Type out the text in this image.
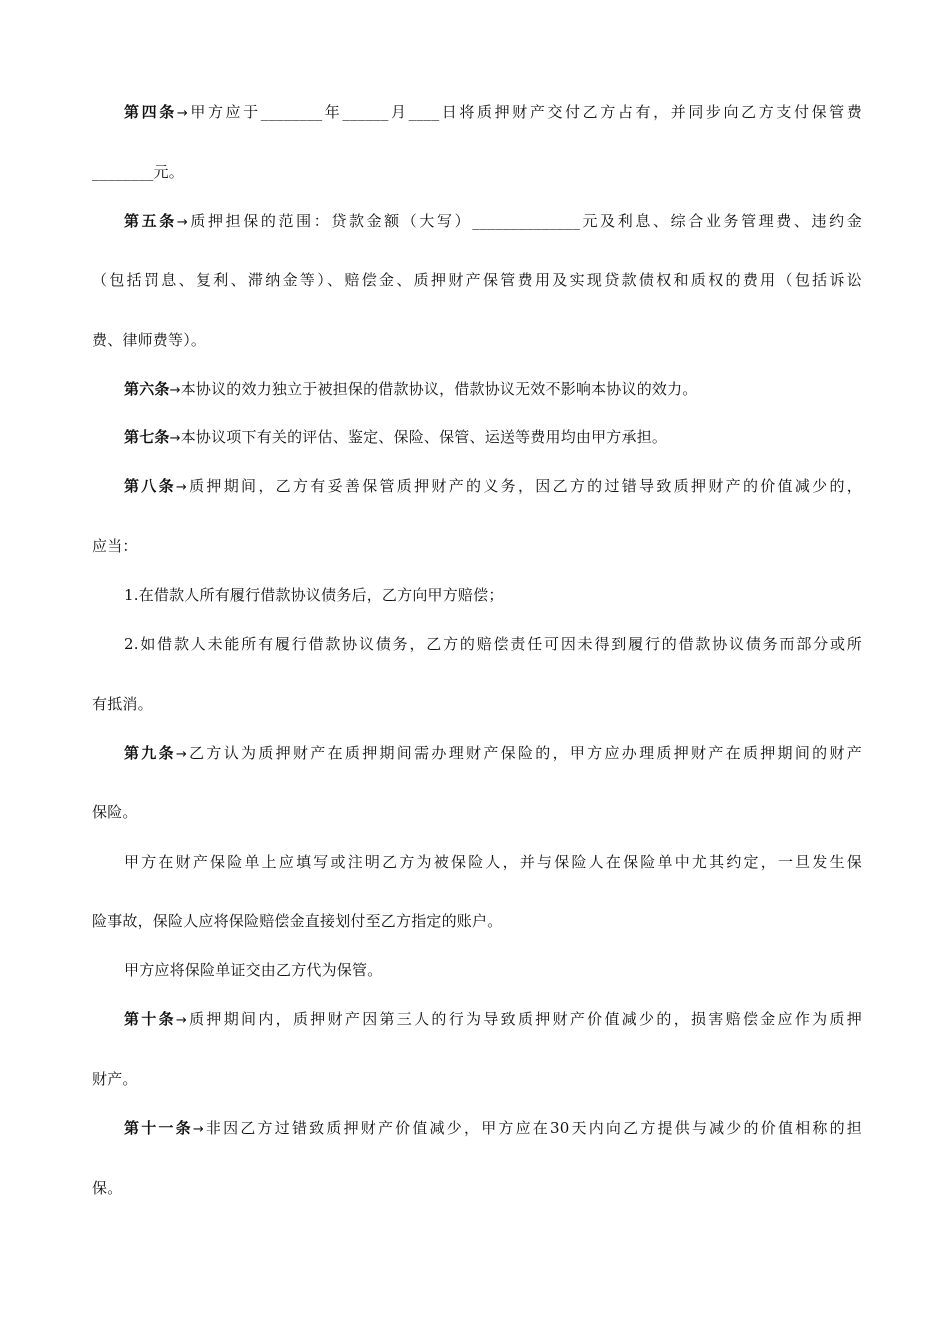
第四条→甲方应于________年______月____日将质押财产交付乙方占有，并同步向乙方支付保管费
________元。
第五条→质押担保的范围：贷款金额（大写）______________元及利息、综合业务管理费、违约金
（包括罚息、复利、滞纳金等）、赔偿金、质押财产保管费用及实现贷款债权和质权的费用（包括诉讼
费、律师费等）。
第六条→本协议的效力独立于被担保的借款协议，借款协议无效不影响本协议的效力。
第七条→本协议项下有关的评估、鉴定、保险、保管、运送等费用均由甲方承担。
第八条→质押期间，乙方有妥善保管质押财产的义务，因乙方的过错导致质押财产的价值减少的，
应当：
1.在借款人所有履行借款协议债务后，乙方向甲方赔偿；
2.如借款人未能所有履行借款协议债务，乙方的赔偿责任可因未得到履行的借款协议债务而部分或所
有抵消。
第九条→乙方认为质押财产在质押期间需办理财产保险的，甲方应办理质押财产在质押期间的财产
保险。
甲方在财产保险单上应填写或注明乙方为被保险人，并与保险人在保险单中尤其约定，一旦发生保
险事故，保险人应将保险赔偿金直接划付至乙方指定的账户。
甲方应将保险单证交由乙方代为保管。
第十条→质押期间内，质押财产因第三人的行为导致质押财产价值减少的，损害赔偿金应作为质押
财产。
第十一条→非因乙方过错致质押财产价值减少，甲方应在30天内向乙方提供与减少的价值相称的担
保。
